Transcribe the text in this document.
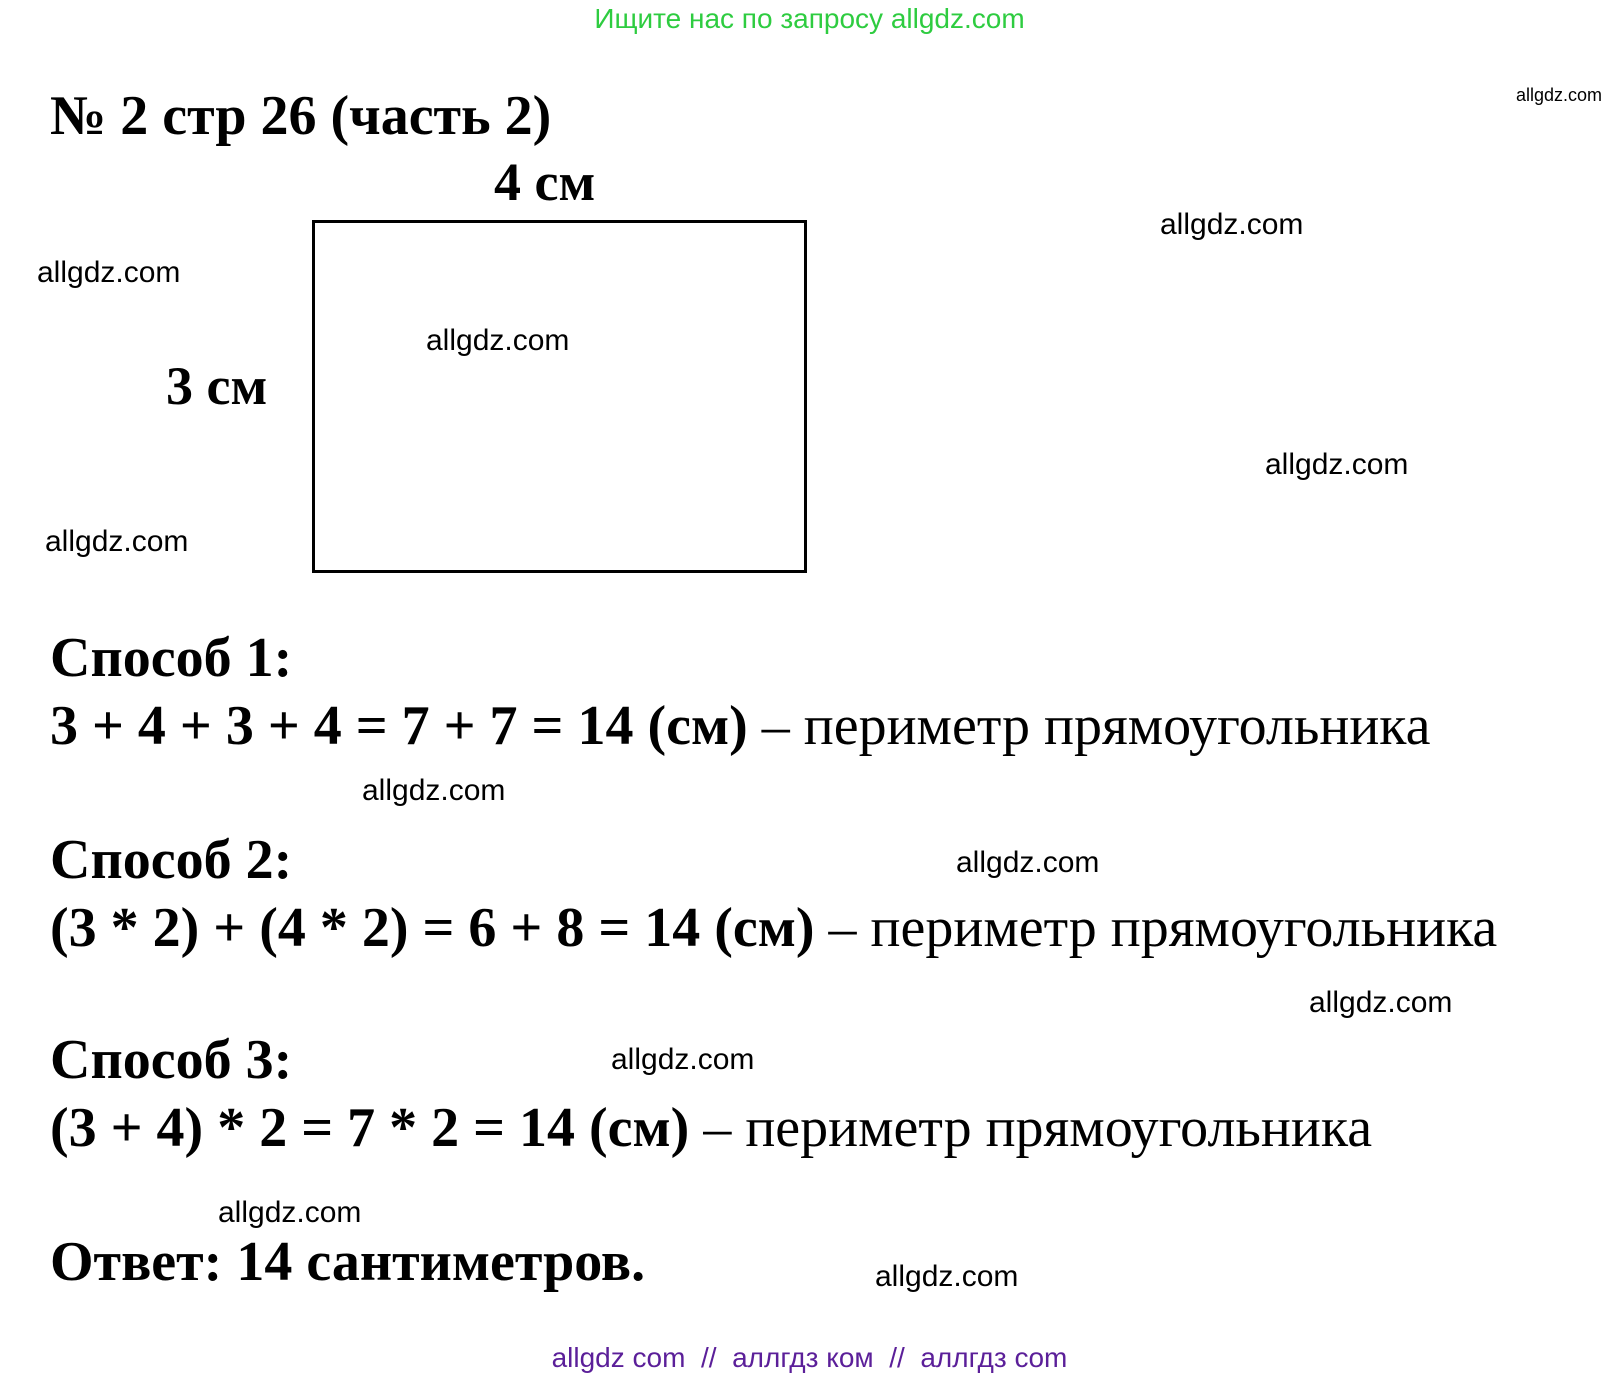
Ищите нас по запросу allgdz.com
№ 2 стр 26 (часть 2)
4 см
3 см
Способ 1:
3 + 4 + 3 + 4 = 7 + 7 = 14 (см) – периметр прямоугольника
Способ 2:
(3 * 2) + (4 * 2) = 6 + 8 = 14 (см) – периметр прямоугольника
Способ 3:
(3 + 4) * 2 = 7 * 2 = 14 (см) – периметр прямоугольника
Ответ: 14 сантиметров.
allgdz.com
allgdz.com
allgdz.com
allgdz.com
allgdz.com
allgdz.com
allgdz.com
allgdz.com
allgdz.com
allgdz.com
allgdz.com
allgdz.com
allgdz com  //  аллгдз ком  //  аллгдз com
